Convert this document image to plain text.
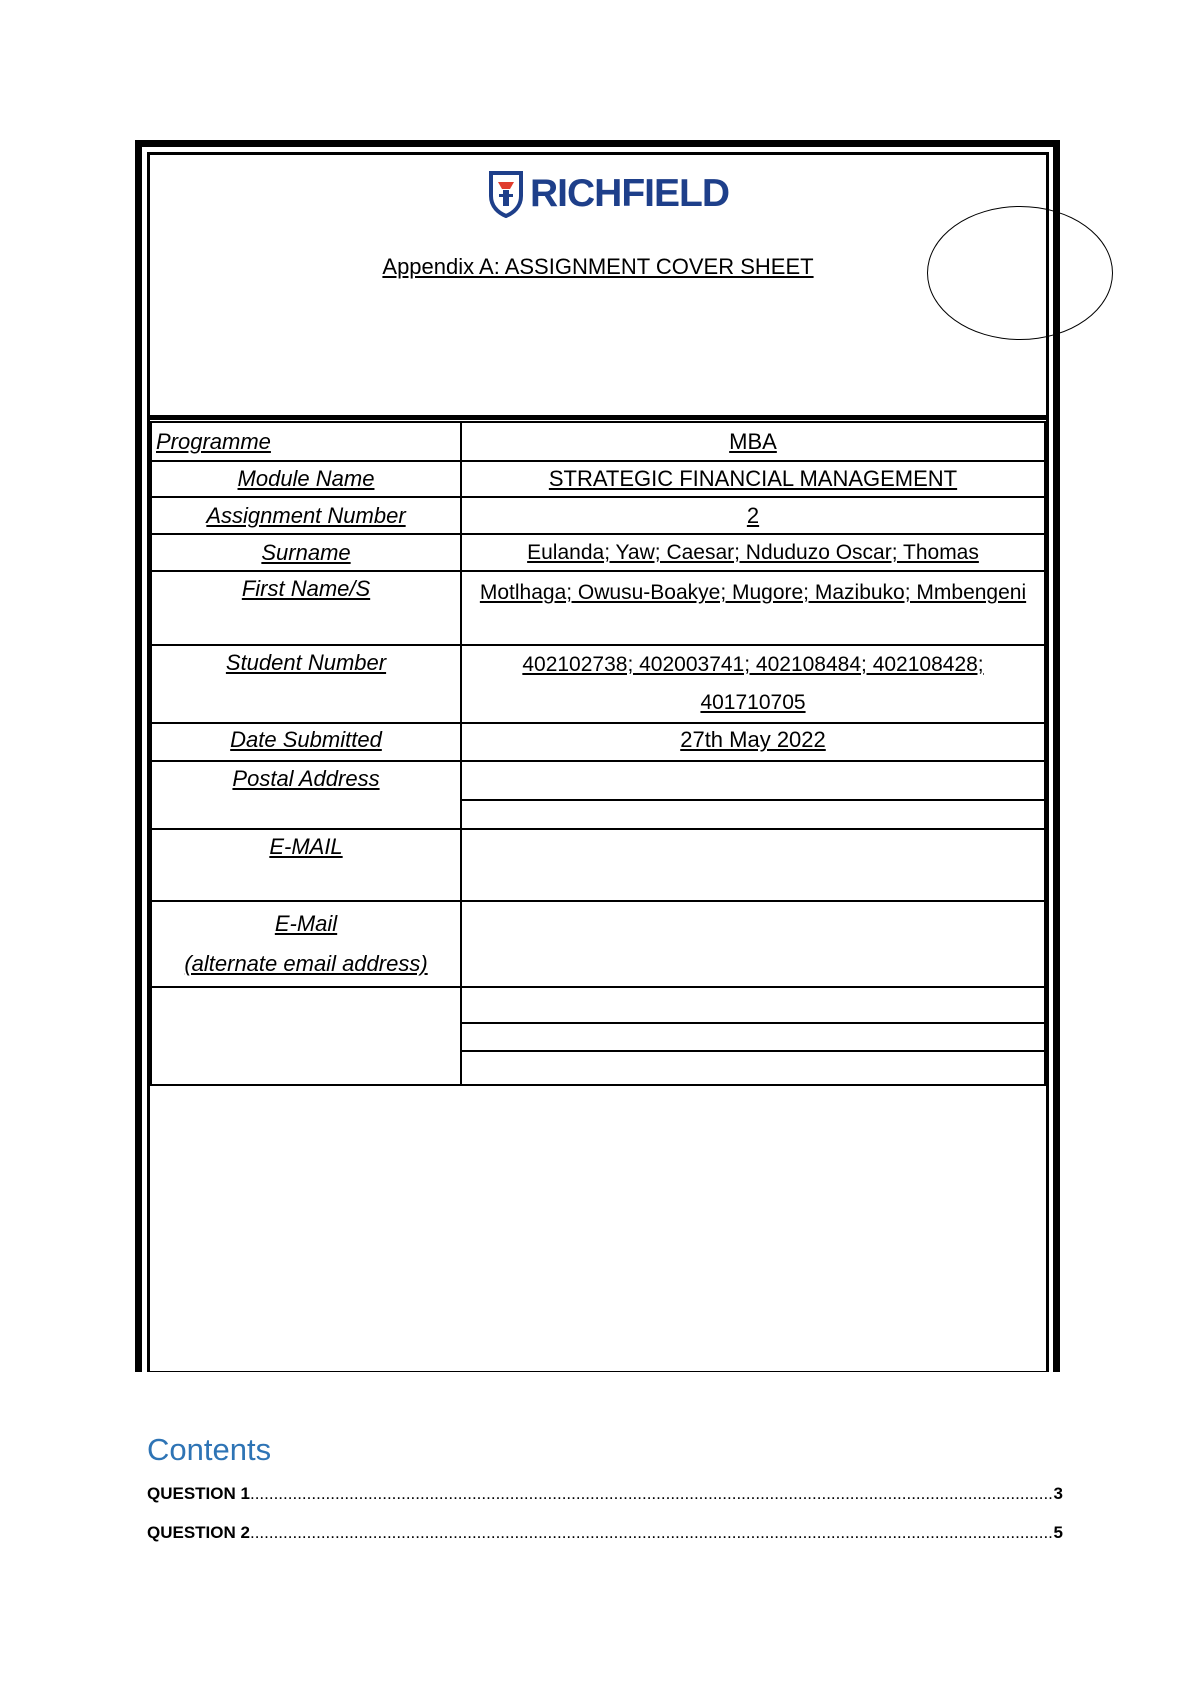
RICHFIELD
Appendix A: ASSIGNMENT COVER SHEET
Programme	MBA
Module Name	STRATEGIC FINANCIAL MANAGEMENT
Assignment Number	2
Surname	Eulanda; Yaw; Caesar; Nduduzo Oscar; Thomas
First Name/S	Motlhaga; Owusu-Boakye; Mugore; Mazibuko; Mmbengeni
Student Number	402102738; 402003741; 402108484; 402108428; 401710705
Date Submitted	27th May 2022
Postal Address	

E-MAIL	

E-Mail
(alternate email address)	

Contents
QUESTION 1 .....	3
QUESTION 2 .....	5
